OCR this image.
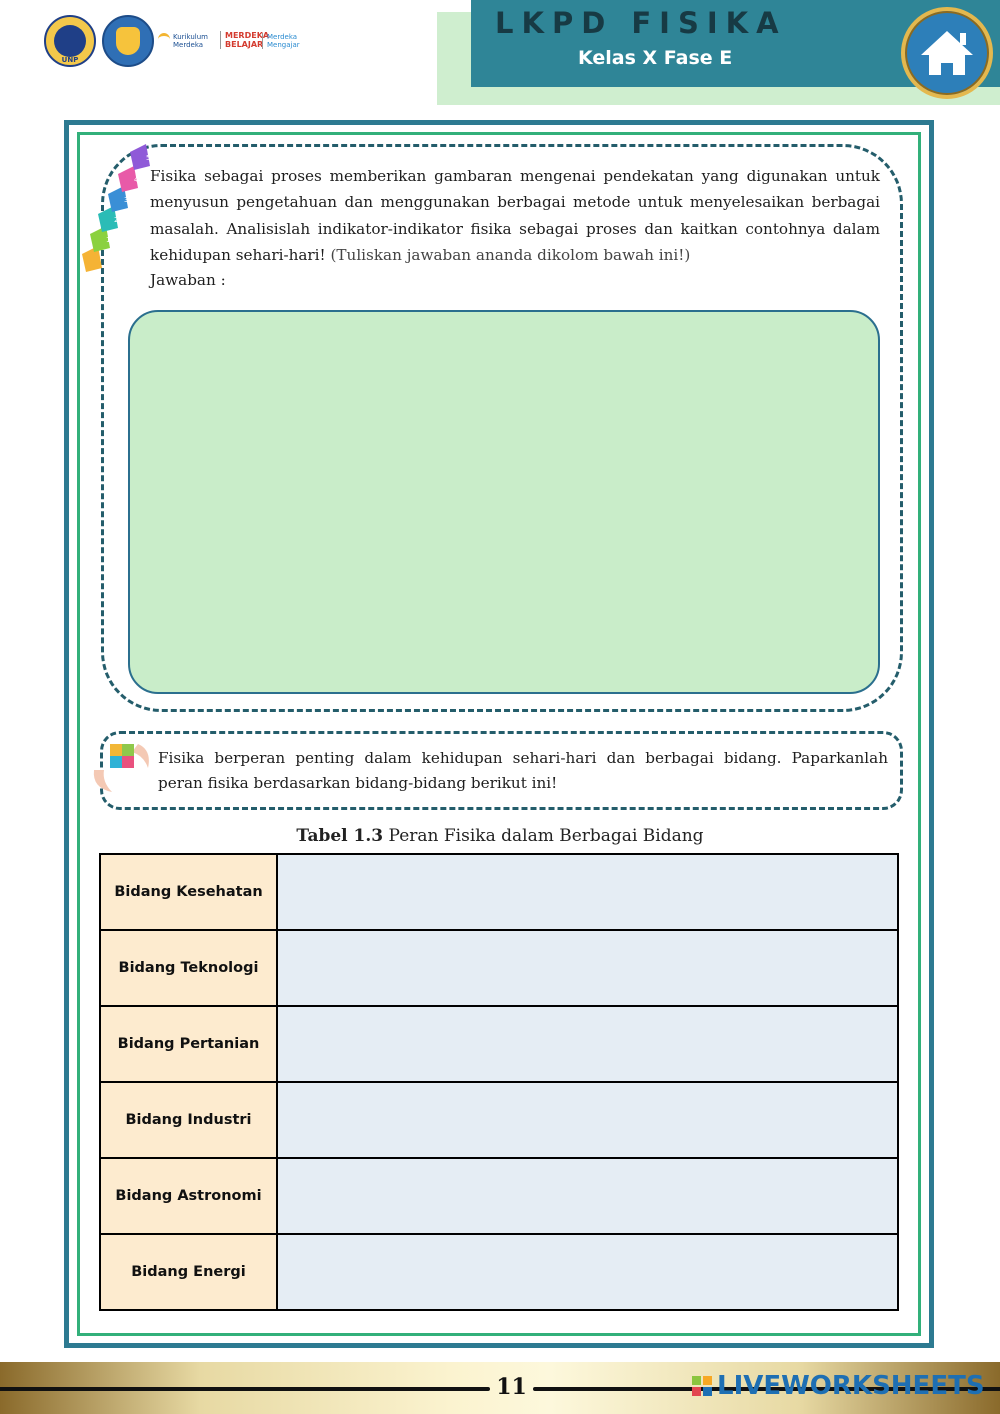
UNP
Kurikulum
Merdeka
MERDEKA
BELAJAR
Merdeka
Mengajar
LKPD FISIKA
Kelas X Fase E
1
2
3
4
5
Fisika sebagai proses memberikan gambaran mengenai pendekatan yang digunakan untuk menyusun pengetahuan dan menggunakan berbagai metode untuk menyelesaikan berbagai masalah. Analisislah indikator-indikator fisika sebagai proses dan kaitkan contohnya dalam kehidupan sehari-hari! (Tuliskan jawaban ananda dikolom bawah ini!)
Jawaban :
Fisika berperan penting dalam kehidupan sehari-hari dan berbagai bidang. Paparkanlah peran fisika berdasarkan bidang-bidang berikut ini!
Tabel 1.3 Peran Fisika dalam Berbagai Bidang
Bidang Kesehatan	
Bidang Teknologi	
Bidang Pertanian	
Bidang Industri	
Bidang Astronomi	
Bidang Energi	
11	LIVEWORKSHEETS
